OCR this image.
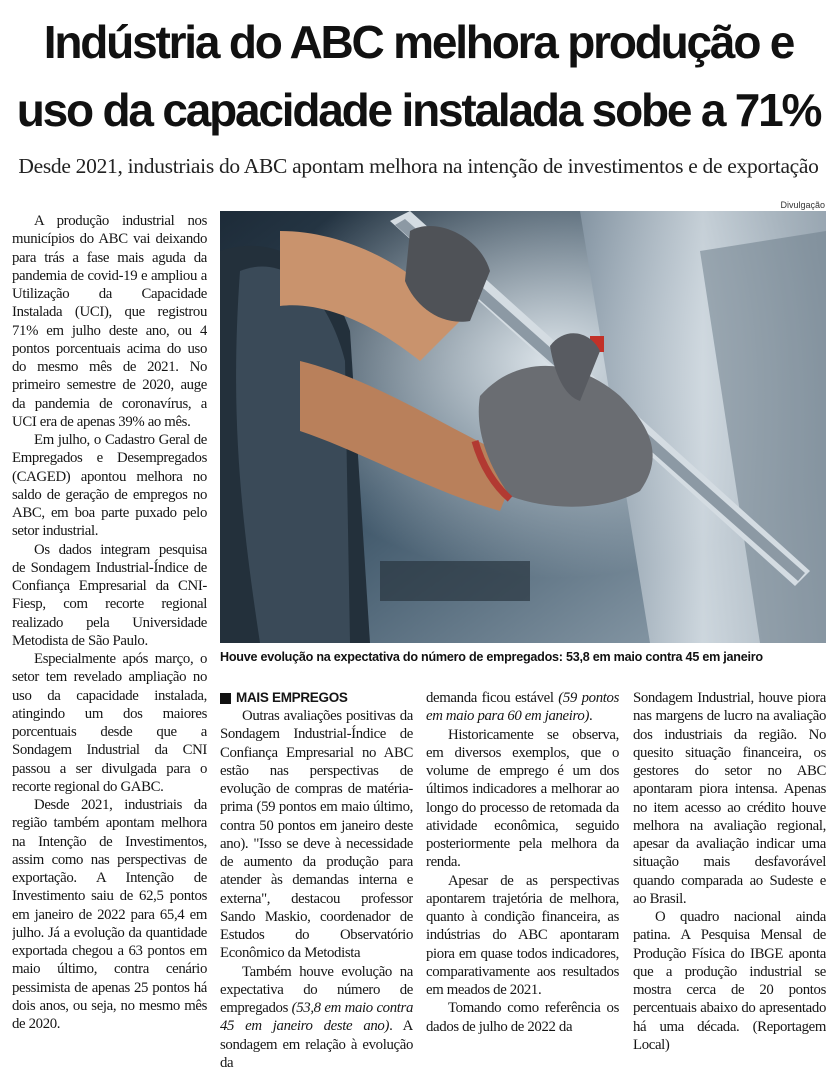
Indústria do ABC melhora produção e
uso da capacidade instalada sobe a 71%
Desde 2021, industriais do ABC apontam melhora na intenção de investimentos e de exportação
Divulgação

A produção industrial nos municípios do ABC vai deixando para trás a fase mais aguda da pandemia de covid-19 e ampliou a Utilização da Capacidade Instalada (UCI), que registrou 71% em julho deste ano, ou 4 pontos porcentuais acima do uso do mesmo mês de 2021. No primeiro semestre de 2020, auge da pandemia de coronavírus, a UCI era de apenas 39% ao mês.

Em julho, o Cadastro Geral de Empregados e Desempregados (CAGED) apontou melhora no saldo de geração de empregos no ABC, em boa parte puxado pelo setor industrial.

Os dados integram pesquisa de Sondagem Industrial-Índice de Confiança Empresarial da CNI-Fiesp, com recorte regional realizado pela Universidade Metodista de São Paulo.

Especialmente após março, o setor tem revelado ampliação no uso da capacidade instalada, atingindo um dos maiores porcentuais desde que a Sondagem Industrial da CNI passou a ser divulgada para o recorte regional do GABC.

Desde 2021, industriais da região também apontam melhora na Intenção de Investimentos, assim como nas perspectivas de exportação. A Intenção de Investimento saiu de 62,5 pontos em janeiro de 2022 para 65,4 em julho. Já a evolução da quantidade exportada chegou a 63 pontos em maio último, contra cenário pessimista de apenas 25 pontos há dois anos, ou seja, no mesmo mês de 2020.

Houve evolução na expectativa do número de empregados: 53,8 em maio contra 45 em janeiro
MAIS EMPREGOS

Outras avaliações positivas da Sondagem Industrial-Índice de Confiança Empresarial no ABC estão nas perspectivas de evolução de compras de matéria-prima (59 pontos em maio último, contra 50 pontos em janeiro deste ano). "Isso se deve à necessidade de aumento da produção para atender às demandas interna e externa", destacou professor Sando Maskio, coordenador de Estudos do Observatório Econômico da Metodista

Também houve evolução na expectativa do número de empregados (53,8 em maio contra 45 em janeiro deste ano). A sondagem em relação à evolução da

demanda ficou estável (59 pontos em maio para 60 em janeiro).

Historicamente se observa, em diversos exemplos, que o volume de emprego é um dos últimos indicadores a melhorar ao longo do processo de retomada da atividade econômica, seguido posteriormente pela melhora da renda.

Apesar de as perspectivas apontarem trajetória de melhora, quanto à condição financeira, as indústrias do ABC apontaram piora em quase todos indicadores, comparativamente aos resultados em meados de 2021.

Tomando como referência os dados de julho de 2022 da

Sondagem Industrial, houve piora nas margens de lucro na avaliação dos industriais da região. No quesito situação financeira, os gestores do setor no ABC apontaram piora intensa. Apenas no item acesso ao crédito houve melhora na avaliação regional, apesar da avaliação indicar uma situação mais desfavorável quando comparada ao Sudeste e ao Brasil.

O quadro nacional ainda patina. A Pesquisa Mensal de Produção Física do IBGE aponta que a produção industrial se mostra cerca de 20 pontos percentuais abaixo do apresentado há uma década. (Reportagem Local)
